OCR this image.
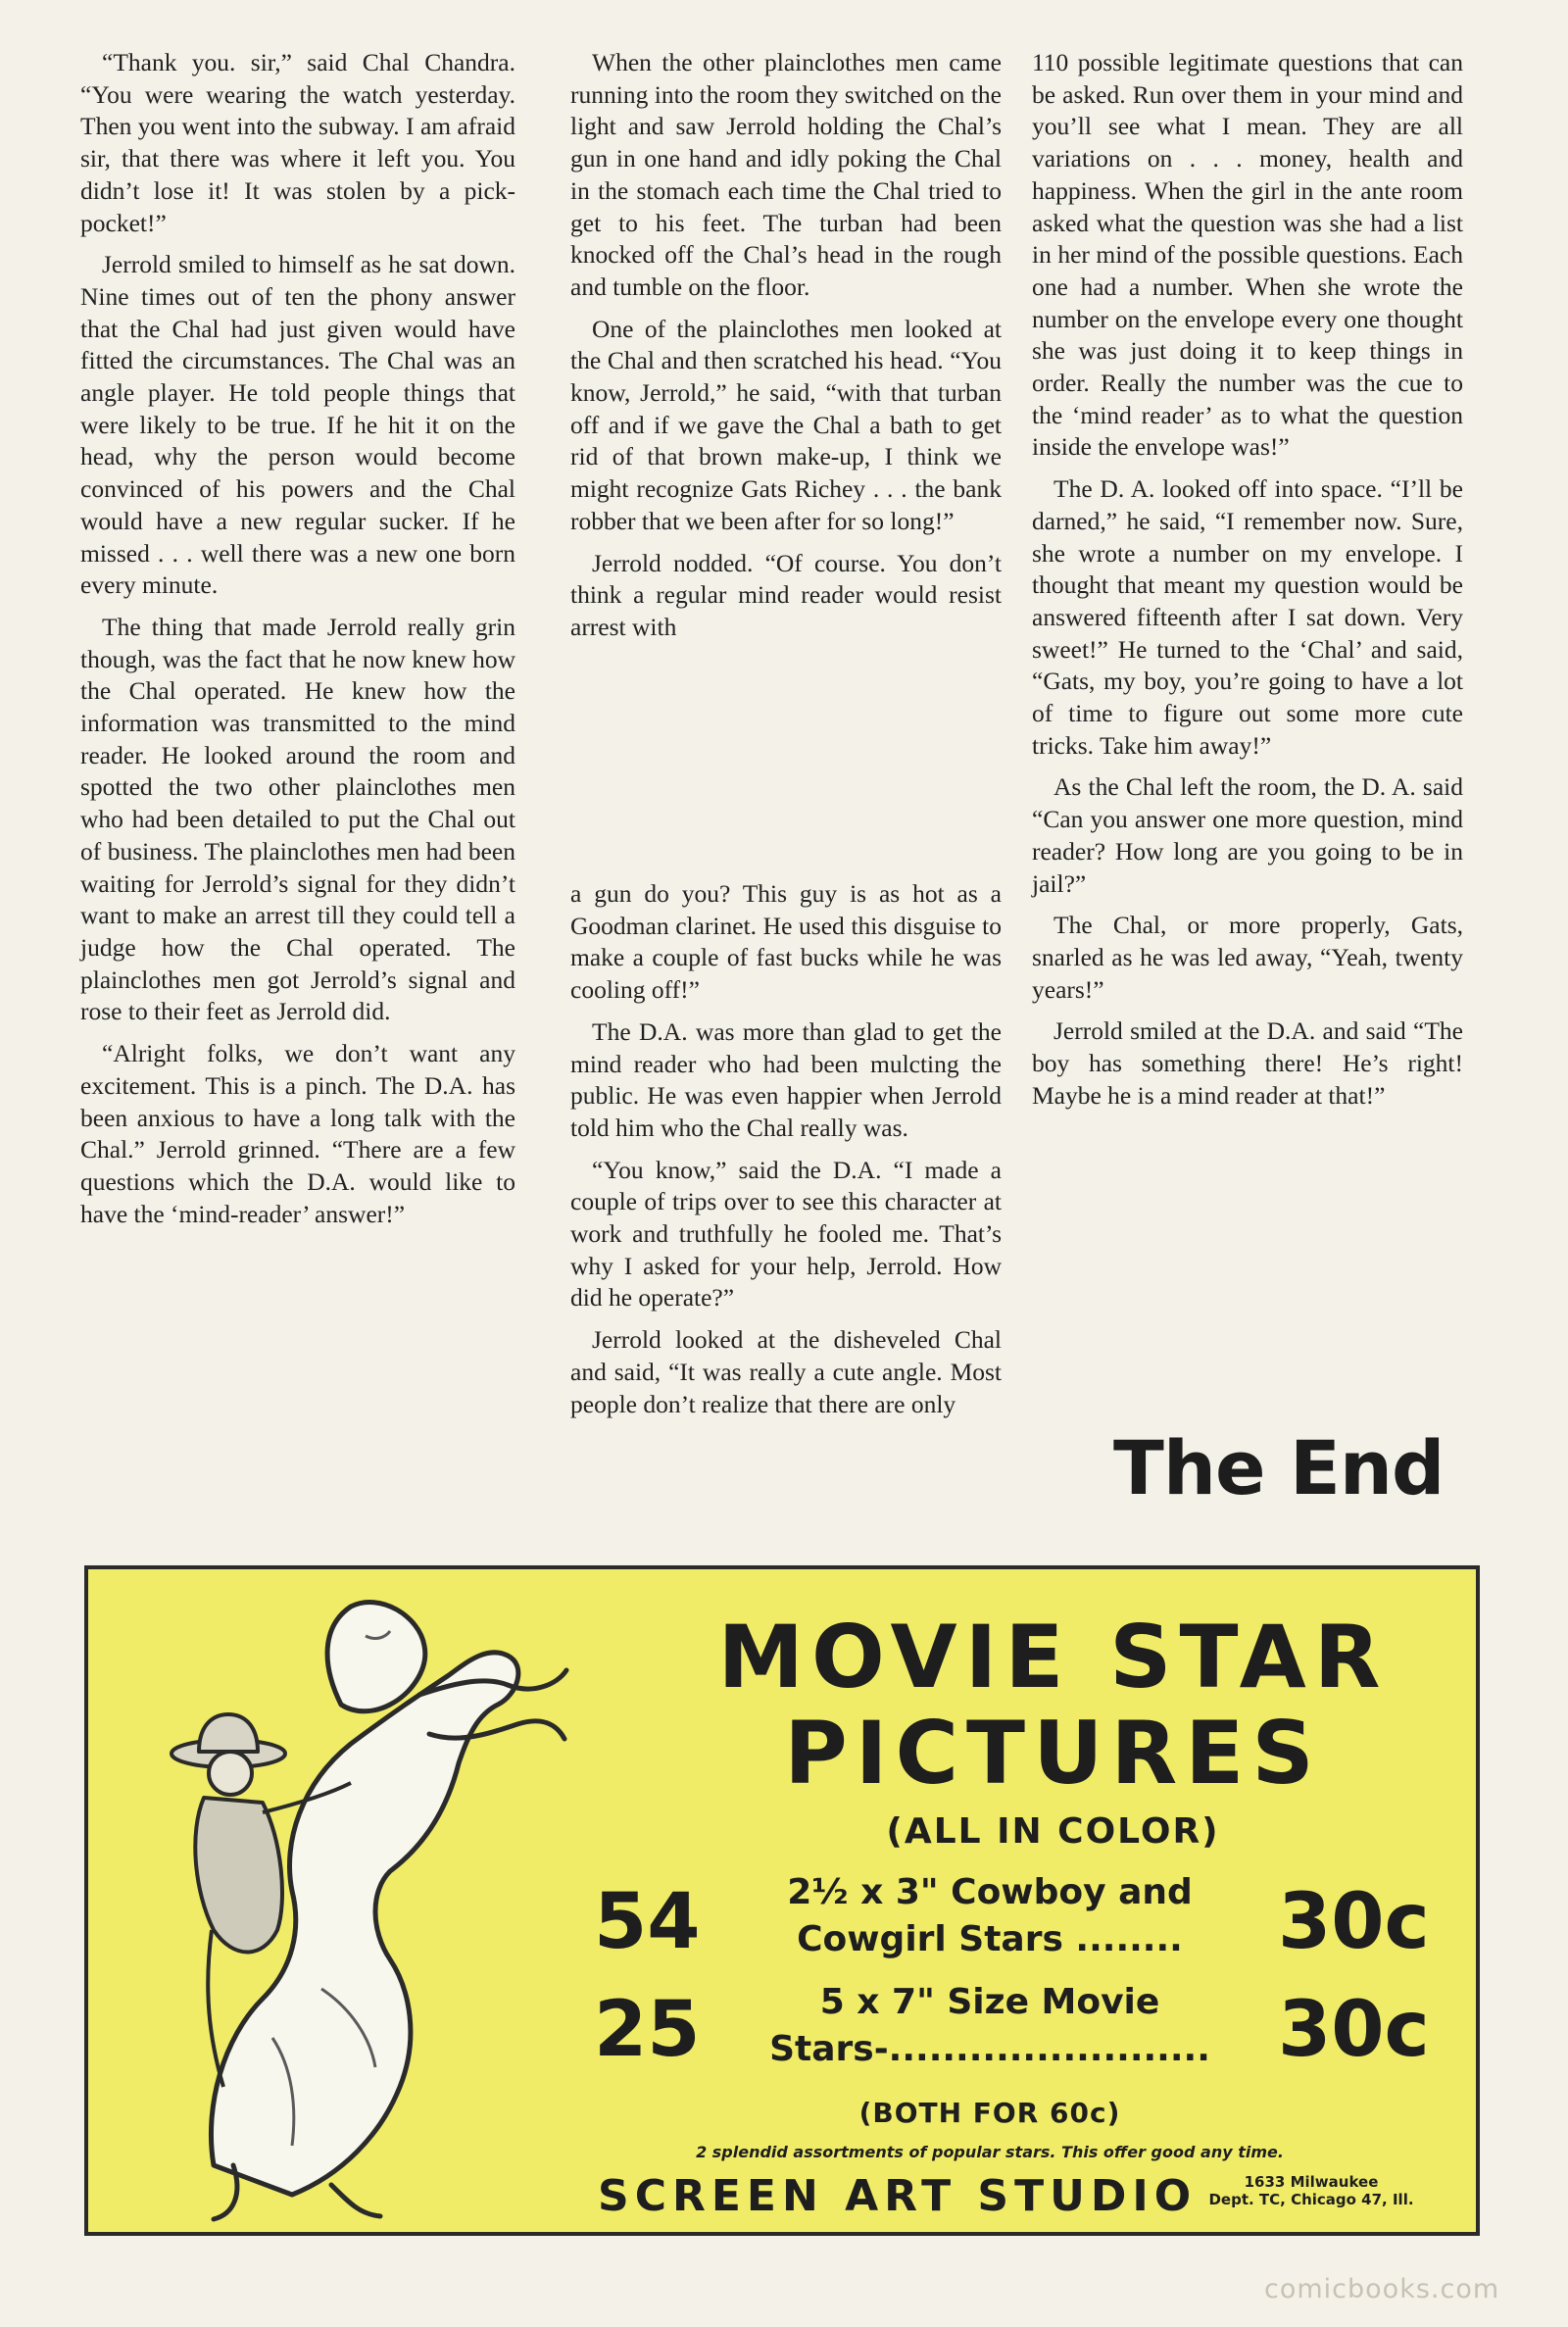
“Thank you. sir,” said Chal Chandra. “You were wearing the watch yesterday. Then you went into the subway. I am afraid sir, that there was where it left you. You didn’t lose it! It was stolen by a pick-pocket!”

Jerrold smiled to himself as he sat down. Nine times out of ten the phony answer that the Chal had just given would have fitted the circumstances. The Chal was an angle player. He told people things that were likely to be true. If he hit it on the head, why the person would become convinced of his powers and the Chal would have a new regular sucker. If he missed . . . well there was a new one born every minute.

The thing that made Jerrold really grin though, was the fact that he now knew how the Chal operated. He knew how the information was transmitted to the mind reader. He looked around the room and spotted the two other plainclothes men who had been detailed to put the Chal out of business. The plainclothes men had been waiting for Jerrold’s signal for they didn’t want to make an arrest till they could tell a judge how the Chal operated. The plainclothes men got Jerrold’s signal and rose to their feet as Jerrold did.

“Alright folks, we don’t want any excitement. This is a pinch. The D.A. has been anxious to have a long talk with the Chal.” Jerrold grinned. “There are a few questions which the D.A. would like to have the ‘mind-reader’ answer!”

When the other plainclothes men came running into the room they switched on the light and saw Jerrold holding the Chal’s gun in one hand and idly poking the Chal in the stomach each time the Chal tried to get to his feet. The turban had been knocked off the Chal’s head in the rough and tumble on the floor.

One of the plainclothes men looked at the Chal and then scratched his head. “You know, Jerrold,” he said, “with that turban off and if we gave the Chal a bath to get rid of that brown make-up, I think we might recognize Gats Richey . . . the bank robber that we been after for so long!”

Jerrold nodded. “Of course. You don’t think a regular mind reader would resist arrest with

a gun do you? This guy is as hot as a Goodman clarinet. He used this disguise to make a couple of fast bucks while he was cooling off!”

The D.A. was more than glad to get the mind reader who had been mulcting the public. He was even happier when Jerrold told him who the Chal really was.

“You know,” said the D.A. “I made a couple of trips over to see this character at work and truthfully he fooled me. That’s why I asked for your help, Jerrold. How did he operate?”

Jerrold looked at the disheveled Chal and said, “It was really a cute angle. Most people don’t realize that there are only

110 possible legitimate questions that can be asked. Run over them in your mind and you’ll see what I mean. They are all variations on . . . money, health and happiness. When the girl in the ante room asked what the question was she had a list in her mind of the possible questions. Each one had a number. When she wrote the number on the envelope every one thought she was just doing it to keep things in order. Really the number was the cue to the ‘mind reader’ as to what the question inside the envelope was!”

The D. A. looked off into space. “I’ll be darned,” he said, “I remember now. Sure, she wrote a number on my envelope. I thought that meant my question would be answered fifteenth after I sat down. Very sweet!” He turned to the ‘Chal’ and said, “Gats, my boy, you’re going to have a lot of time to figure out some more cute tricks. Take him away!”

As the Chal left the room, the D. A. said “Can you answer one more question, mind reader? How long are you going to be in jail?”

The Chal, or more properly, Gats, snarled as he was led away, “Yeah, twenty years!”

Jerrold smiled at the D.A. and said “The boy has something there! He’s right! Maybe he is a mind reader at that!”

The End
MOVIE STAR
PICTURES
(ALL IN COLOR)
54	2½ x 3" Cowboy and
Cowgirl Stars ........	30c
25	5 x 7" Size Movie
Stars-........................ 30c
(BOTH FOR 60c)
2 splendid assortments of popular stars. This offer good any time.
SCREEN ART STUDIO	1633 Milwaukee
Dept. TC, Chicago 47, Ill.
comicbooks.com
